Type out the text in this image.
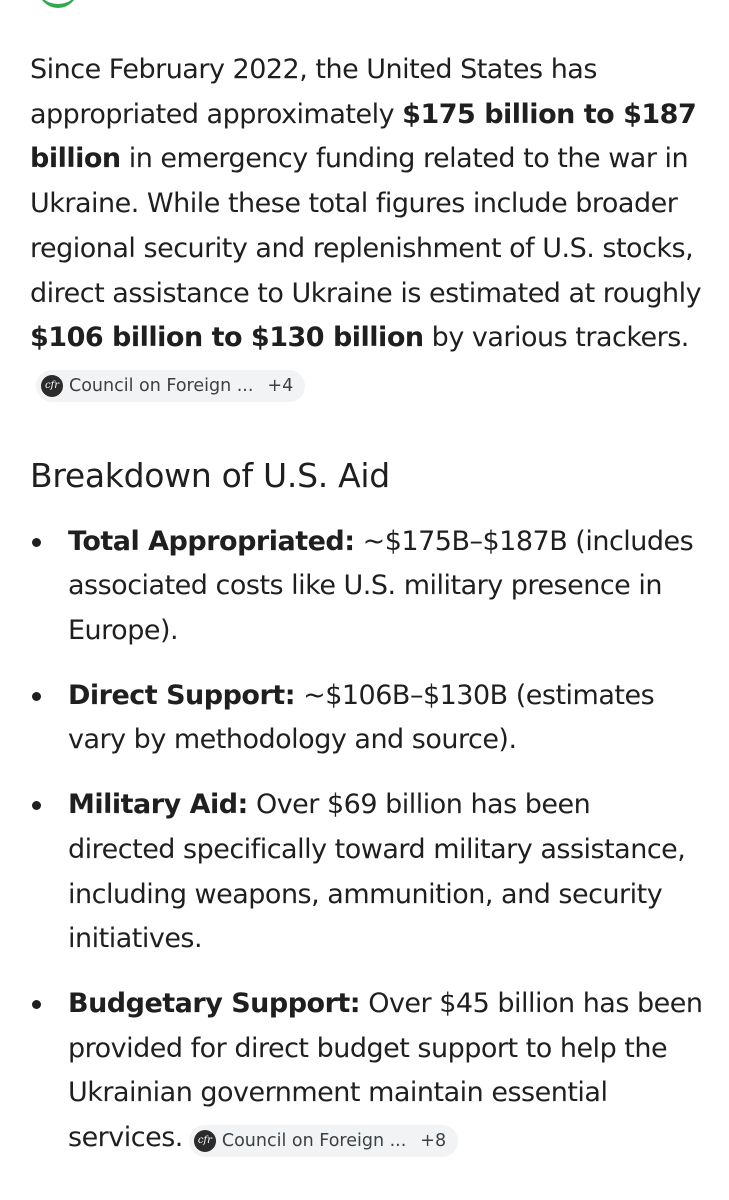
Since February 2022, the United States has appropriated approximately $175 billion to $187 billion in emergency funding related to the war in Ukraine. While these total figures include broader regional security and replenishment of U.S. stocks, direct assistance to Ukraine is estimated at roughly $106 billion to $130 billion by various trackers.
cfr Council on Foreign ... +4

Breakdown of U.S. Aid
Total Appropriated: ~$175B–$187B (includes associated costs like U.S. military presence in Europe).
Direct Support: ~$106B–$130B (estimates vary by methodology and source).
Military Aid: Over $69 billion has been directed specifically toward military assistance, including weapons, ammunition, and security initiatives.
Budgetary Support: Over $45 billion has been provided for direct budget support to help the Ukrainian government maintain essential services.	cfr Council on Foreign ... +8
